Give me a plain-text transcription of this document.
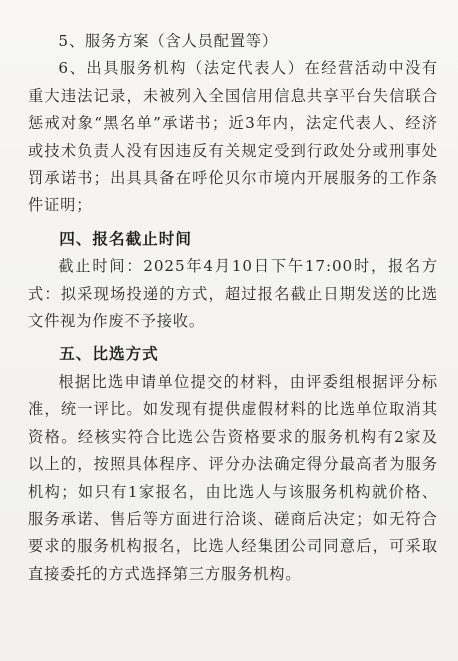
5、服务方案（含人员配置等）

6、出具服务机构（法定代表人）在经营活动中没有重大违法记录，未被列入全国信用信息共享平台失信联合惩戒对象“黑名单”承诺书；近3年内，法定代表人、经济或技术负责人没有因违反有关规定受到行政处分或刑事处罚承诺书；出具具备在呼伦贝尔市境内开展服务的工作条件证明；

四、报名截止时间

截止时间：2025年4月10日下午17:00时，报名方式：拟采现场投递的方式，超过报名截止日期发送的比选文件视为作废不予接收。

五、比选方式

根据比选申请单位提交的材料，由评委组根据评分标准，统一评比。如发现有提供虚假材料的比选单位取消其资格。经核实符合比选公告资格要求的服务机构有2家及以上的，按照具体程序、评分办法确定得分最高者为服务机构；如只有1家报名，由比选人与该服务机构就价格、服务承诺、售后等方面进行洽谈、磋商后决定；如无符合要求的服务机构报名，比选人经集团公司同意后，可采取直接委托的方式选择第三方服务机构。
